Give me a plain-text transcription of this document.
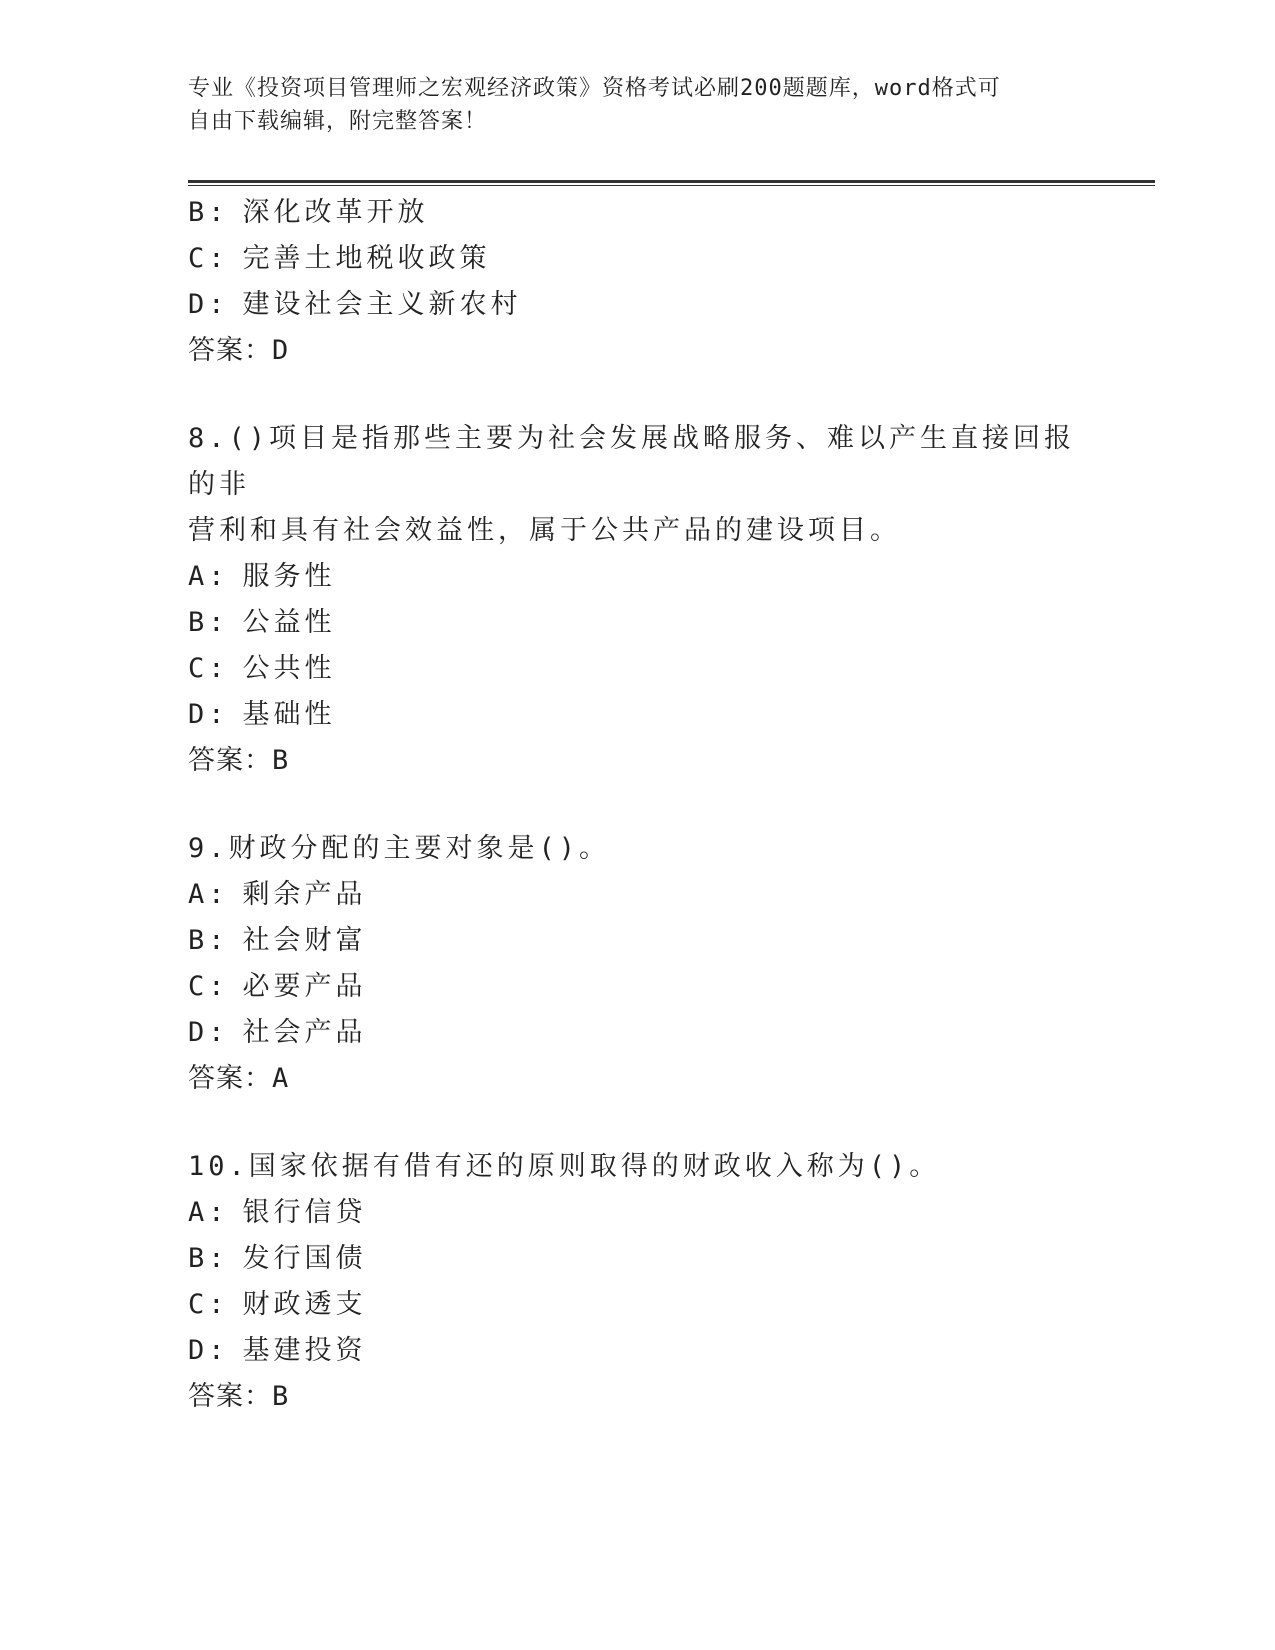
专业《投资项目管理师之宏观经济政策》资格考试必刷200题题库，word格式可
自由下载编辑，附完整答案！
B: 深化改革开放
C: 完善土地税收政策
D: 建设社会主义新农村
答案：D
8.()项目是指那些主要为社会发展战略服务、难以产生直接回报的非
营利和具有社会效益性，属于公共产品的建设项目。
A: 服务性
B: 公益性
C: 公共性
D: 基础性
答案：B
9.财政分配的主要对象是()。
A: 剩余产品
B: 社会财富
C: 必要产品
D: 社会产品
答案：A
10.国家依据有借有还的原则取得的财政收入称为()。
A: 银行信贷
B: 发行国债
C: 财政透支
D: 基建投资
答案：B
